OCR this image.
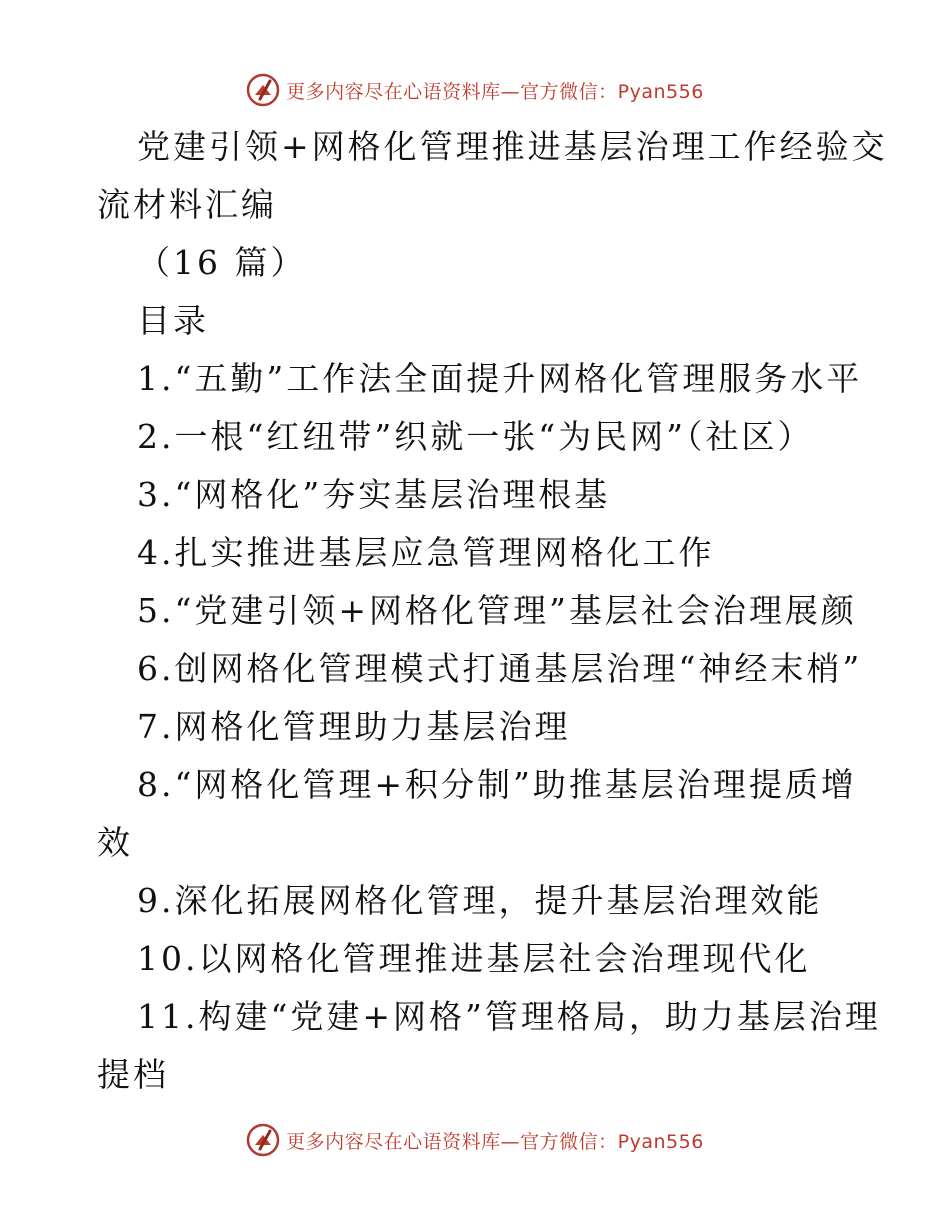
更多内容尽在心语资料库—官方微信：Pyan556
党建引领+网格化管理推进基层治理工作经验交
流材料汇编
（16 篇）
目录
1.“五勤”工作法全面提升网格化管理服务水平
2.一根“红纽带”织就一张“为民网”（社区）
3.“网格化”夯实基层治理根基
4.扎实推进基层应急管理网格化工作
5.“党建引领+网格化管理”基层社会治理展颜
6.创网格化管理模式打通基层治理“神经末梢”
7.网格化管理助力基层治理
8.“网格化管理+积分制”助推基层治理提质增
效
9.深化拓展网格化管理，提升基层治理效能
10.以网格化管理推进基层社会治理现代化
11.构建“党建+网格”管理格局，助力基层治理
提档
更多内容尽在心语资料库—官方微信：Pyan556
